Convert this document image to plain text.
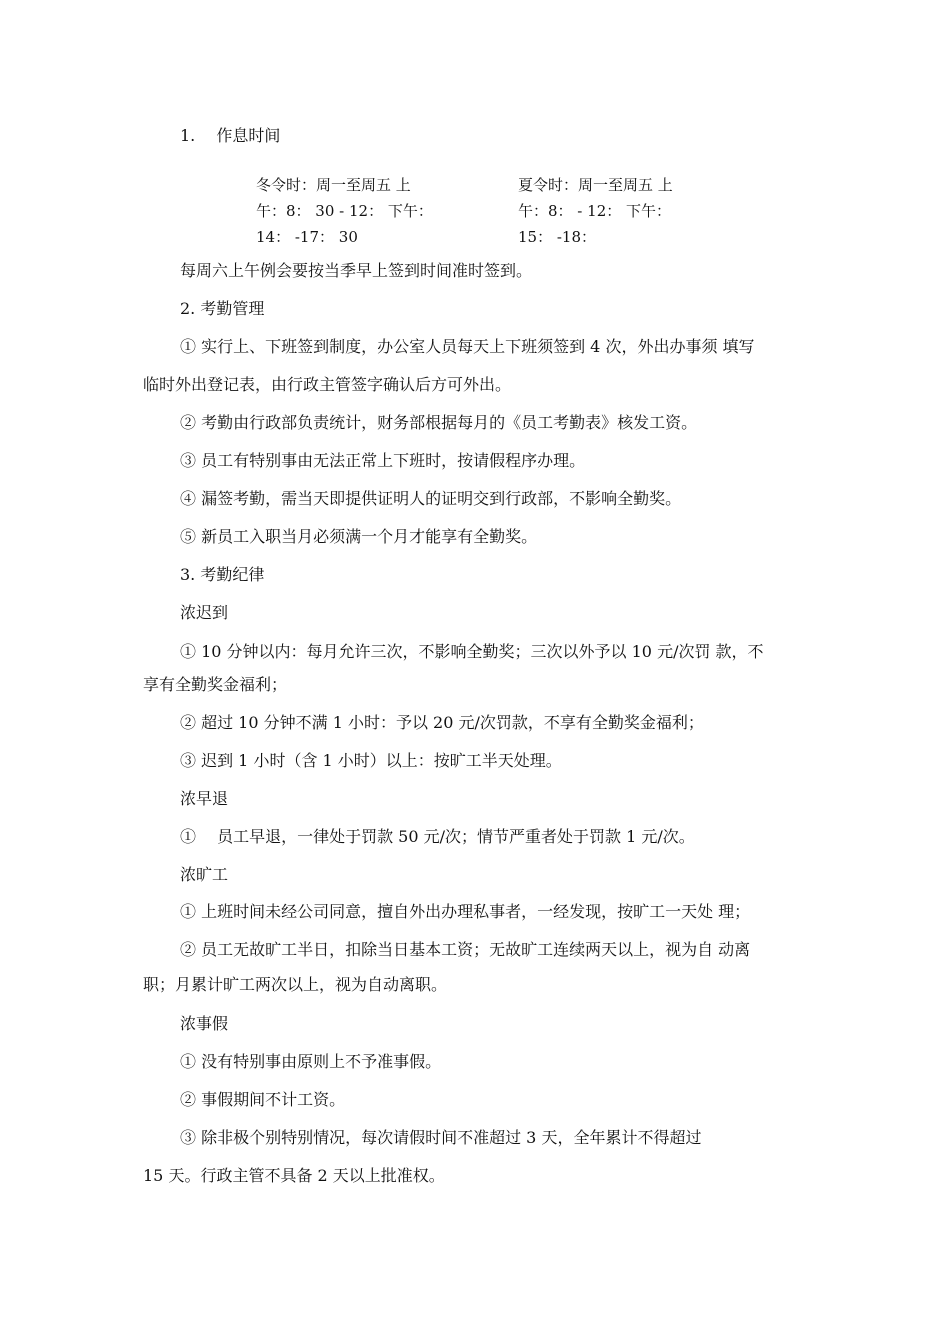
1.　 作息时间
冬令时：周一至周五 上
午：8： 30 - 12： 下午：
14： -17： 30
夏令时：周一至周五 上
午：8： - 12： 下午：
15： -18：
每周六上午例会要按当季早上签到时间准时签到。
2. 考勤管理
① 实行上、下班签到制度，办公室人员每天上下班须签到 4 次，外出办事须 填写
临时外出登记表，由行政主管签字确认后方可外出。
② 考勤由行政部负责统计，财务部根据每月的《员工考勤表》核发工资。
③ 员工有特别事由无法正常上下班时，按请假程序办理。
④ 漏签考勤，需当天即提供证明人的证明交到行政部，不影响全勤奖。
⑤ 新员工入职当月必须满一个月才能享有全勤奖。
3. 考勤纪律
浓迟到
① 10 分钟以内：每月允许三次，不影响全勤奖；三次以外予以 10 元/次罚 款，不
享有全勤奖金福利；
② 超过 10 分钟不满 1 小时：予以 20 元/次罚款，不享有全勤奖金福利；
③ 迟到 1 小时（含 1 小时）以上：按旷工半天处理。
浓早退
①　 员工早退，一律处于罚款 50 元/次；情节严重者处于罚款 1 元/次。
浓旷工
① 上班时间未经公司同意，擅自外出办理私事者，一经发现，按旷工一天处 理；
② 员工无故旷工半日，扣除当日基本工资；无故旷工连续两天以上，视为自 动离
职；月累计旷工两次以上，视为自动离职。
浓事假
① 没有特别事由原则上不予准事假。
② 事假期间不计工资。
③ 除非极个别特别情况，每次请假时间不准超过 3 天，全年累计不得超过
15 天。行政主管不具备 2 天以上批准权。
